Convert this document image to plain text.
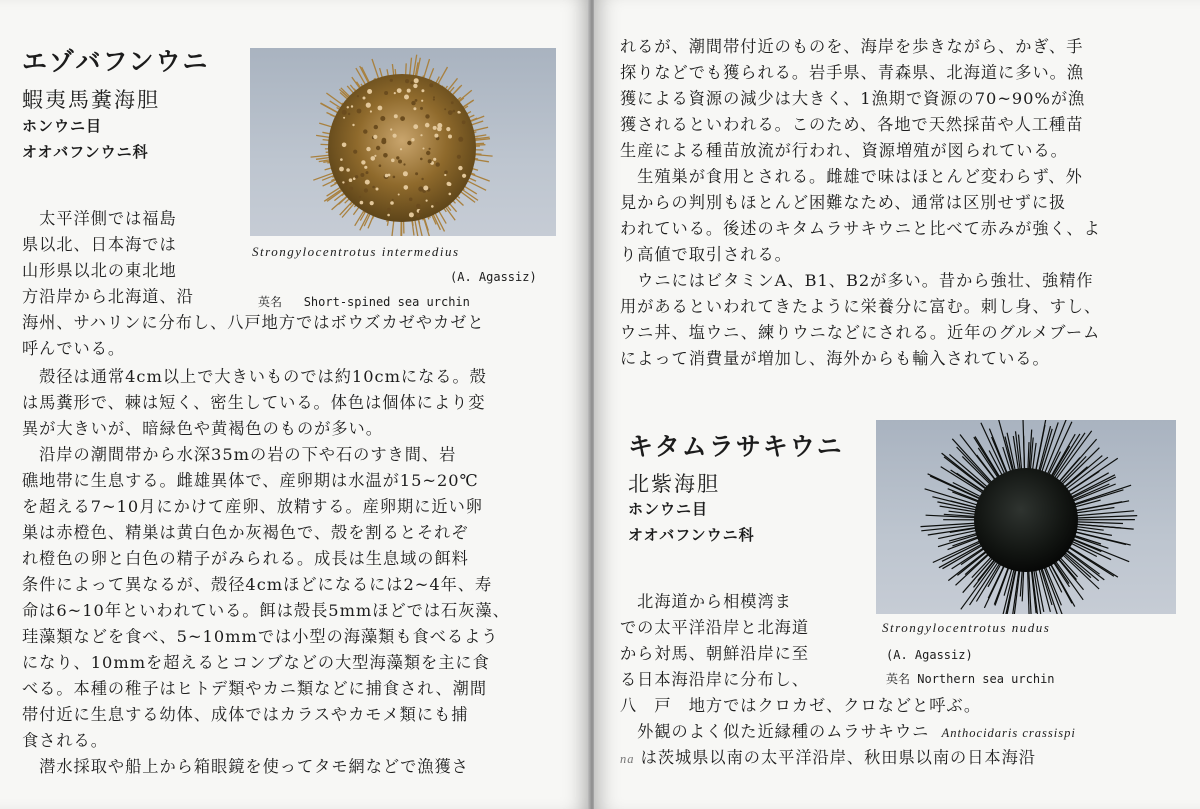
エゾバフンウニ
蝦夷馬糞海胆
ホンウニ目
オオバフンウニ科
Strongylocentrotus intermedius
(A. Agassiz)
英名 Short-spined sea urchin
　太平洋側では福島
県以北、日本海では
山形県以北の東北地
方沿岸から北海道、沿
海州、サハリンに分布し、八戸地方ではボウズカゼやカゼと
呼んでいる。
　殻径は通常4cm以上で大きいものでは約10cmになる。殻
は馬糞形で、棘は短く、密生している。体色は個体により変
異が大きいが、暗緑色や黄褐色のものが多い。
　沿岸の潮間帯から水深35mの岩の下や石のすき間、岩
礁地帯に生息する。雌雄異体で、産卵期は水温が15~20℃
を超える7~10月にかけて産卵、放精する。産卵期に近い卵
巣は赤橙色、精巣は黄白色か灰褐色で、殻を割るとそれぞ
れ橙色の卵と白色の精子がみられる。成長は生息域の餌料
条件によって異なるが、殻径4cmほどになるには2~4年、寿
命は6~10年といわれている。餌は殻長5mmほどでは石灰藻、
珪藻類などを食べ、5~10mmでは小型の海藻類も食べるよう
になり、10mmを超えるとコンブなどの大型海藻類を主に食
べる。本種の稚子はヒトデ類やカニ類などに捕食され、潮間
帯付近に生息する幼体、成体ではカラスやカモメ類にも捕
食される。
　潜水採取や船上から箱眼鏡を使ってタモ網などで漁獲さ
れるが、潮間帯付近のものを、海岸を歩きながら、かぎ、手
探りなどでも獲られる。岩手県、青森県、北海道に多い。漁
獲による資源の減少は大きく、1漁期で資源の70~90%が漁
獲されるといわれる。このため、各地で天然採苗や人工種苗
生産による種苗放流が行われ、資源増殖が図られている。
　生殖巣が食用とされる。雌雄で味はほとんど変わらず、外
見からの判別もほとんど困難なため、通常は区別せずに扱
われている。後述のキタムラサキウニと比べて赤みが強く、よ
り高値で取引される。
　ウニにはビタミンA、B1、B2が多い。昔から強壮、強精作
用があるといわれてきたように栄養分に富む。刺し身、すし、
ウニ丼、塩ウニ、練りウニなどにされる。近年のグルメブーム
によって消費量が増加し、海外からも輸入されている。
キタムラサキウニ
北紫海胆
ホンウニ目
オオバフンウニ科
Strongylocentrotus nudus
(A. Agassiz)
英名 Northern sea urchin
　北海道から相模湾ま
での太平洋沿岸と北海道
から対馬、朝鮮沿岸に至
る日本海沿岸に分布し、
八　戸　地方ではクロカゼ、クロなどと呼ぶ。
　外観のよく似た近縁種のムラサキウニ Anthocidaris crassispi
na は茨城県以南の太平洋沿岸、秋田県以南の日本海沿
